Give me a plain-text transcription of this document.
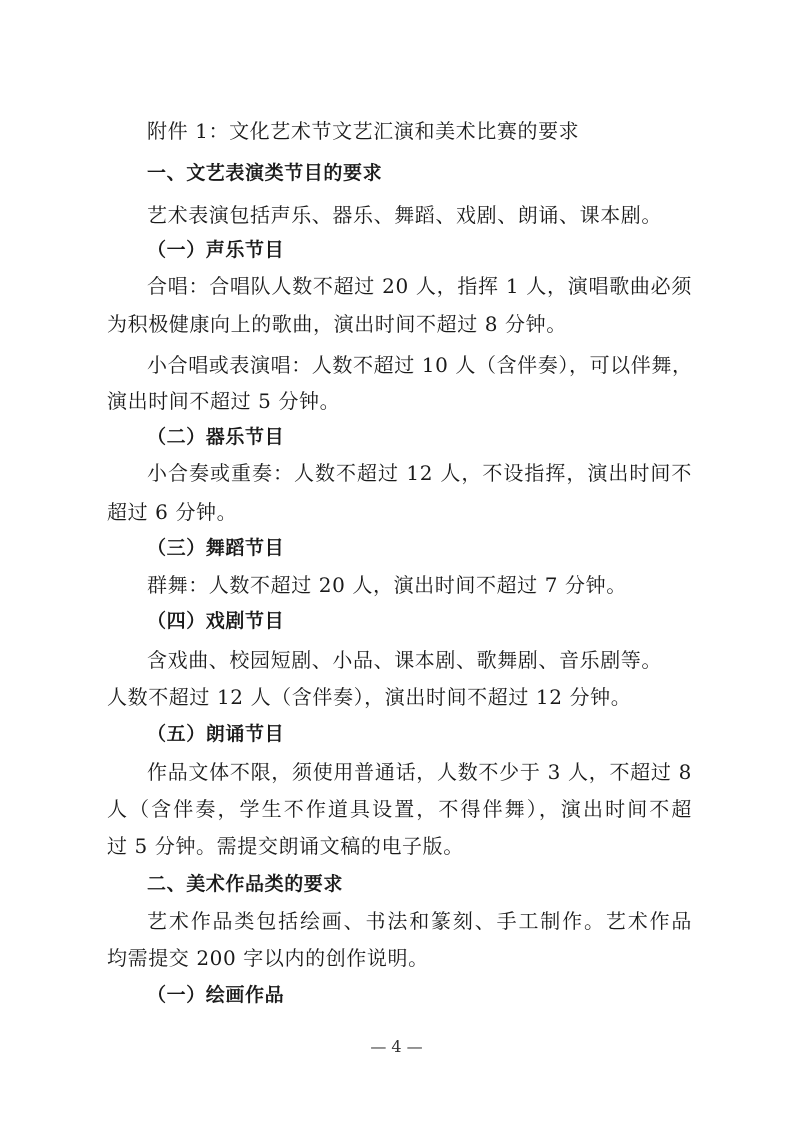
附件 1：文化艺术节文艺汇演和美术比赛的要求
一、文艺表演类节目的要求
艺术表演包括声乐、器乐、舞蹈、戏剧、朗诵、课本剧。
（一）声乐节目
合唱：合唱队人数不超过 20 人，指挥 1 人，演唱歌曲必须
为积极健康向上的歌曲，演出时间不超过 8 分钟。
小合唱或表演唱：人数不超过 10 人（含伴奏），可以伴舞，
演出时间不超过 5 分钟。
（二）器乐节目
小合奏或重奏：人数不超过 12 人，不设指挥，演出时间不
超过 6 分钟。
（三）舞蹈节目
群舞：人数不超过 20 人，演出时间不超过 7 分钟。
（四）戏剧节目
含戏曲、校园短剧、小品、课本剧、歌舞剧、音乐剧等。
人数不超过 12 人（含伴奏），演出时间不超过 12 分钟。
（五）朗诵节目
作品文体不限，须使用普通话，人数不少于 3 人，不超过 8
人（含伴奏，学生不作道具设置，不得伴舞），演出时间不超
过 5 分钟。需提交朗诵文稿的电子版。
二、美术作品类的要求
艺术作品类包括绘画、书法和篆刻、手工制作。艺术作品
均需提交 200 字以内的创作说明。
（一）绘画作品
— 4 —
